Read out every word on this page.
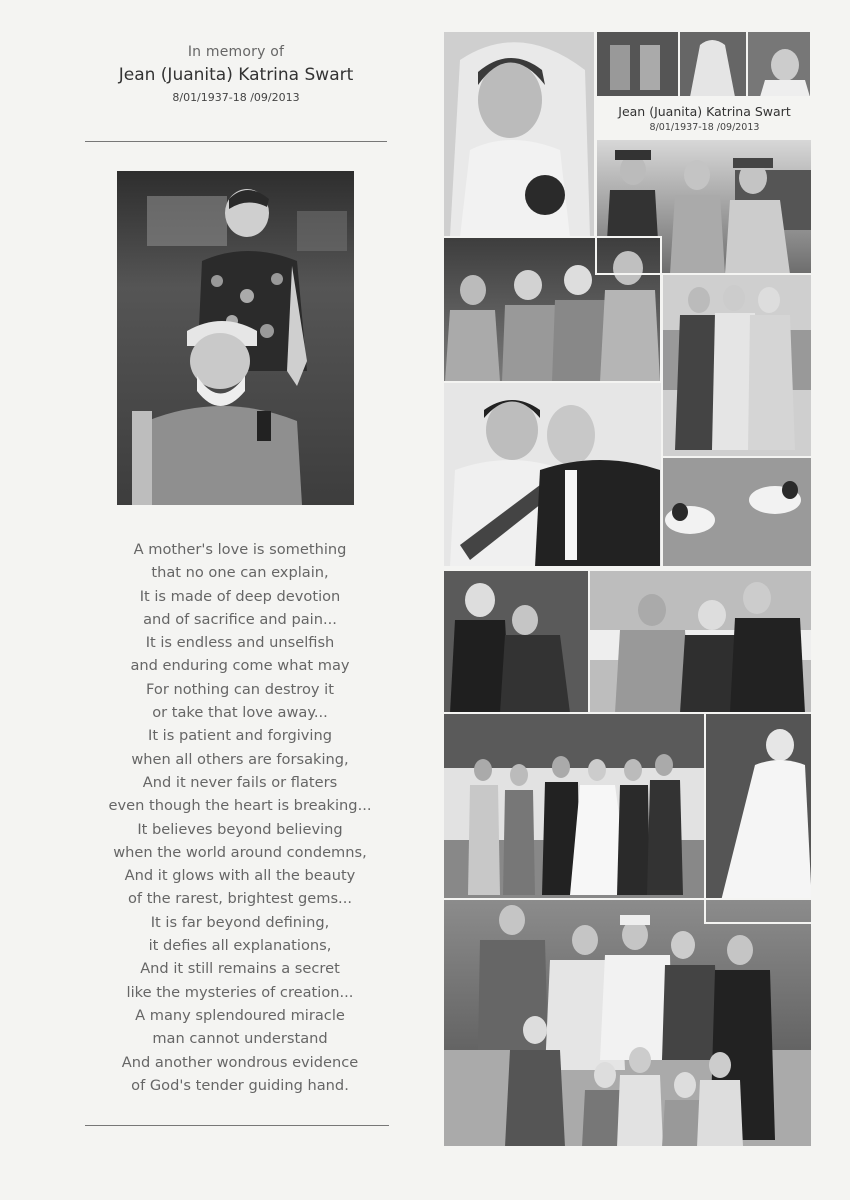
In memory of
Jean (Juanita) Katrina Swart
8/01/1937-18 /09/2013
A mother's love is something
that no one can explain,
It is made of deep devotion
and of sacrifice and pain...
It is endless and unselfish
and enduring come what may
For nothing can destroy it
or take that love away...
It is patient and forgiving
when all others are forsaking,
And it never fails or flaters
even though the heart is breaking...
It believes beyond believing
when the world around condemns,
And it glows with all the beauty
of the rarest, brightest gems...
It is far beyond defining,
it defies all explanations,
And it still remains a secret
like the mysteries of creation...
A many splendoured miracle
man cannot understand
And another wondrous evidence
of God's tender guiding hand.
Jean (Juanita) Katrina Swart
8/01/1937-18 /09/2013
